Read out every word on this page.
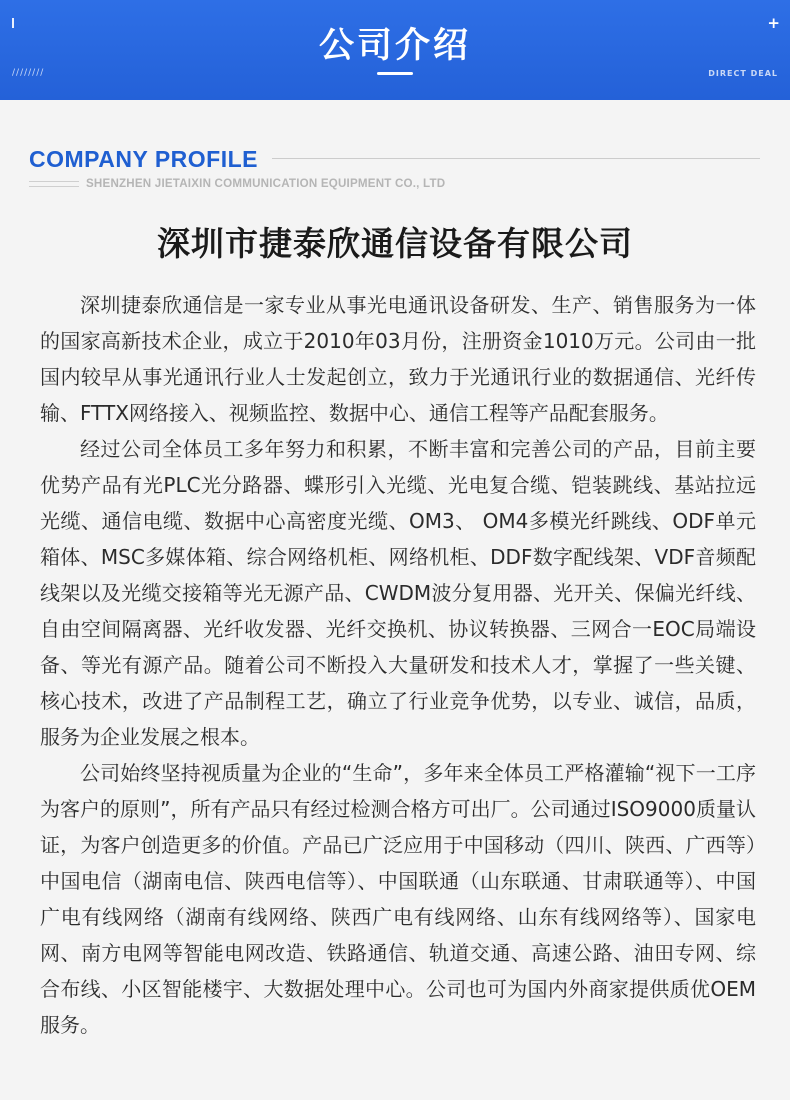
////////
公司介绍
+
DIRECT DEAL
COMPANY PROFILE
SHENZHEN JIETAIXIN COMMUNICATION EQUIPMENT CO., LTD
深圳市捷泰欣通信设备有限公司

深圳捷泰欣通信是一家专业从事光电通讯设备研发、生产、销售服务为一体的国家高新技术企业，成立于2010年03月份，注册资金1010万元。公司由一批国内较早从事光通讯行业人士发起创立，致力于光通讯行业的数据通信、光纤传输、FTTX网络接入、视频监控、数据中心、通信工程等产品配套服务。

经过公司全体员工多年努力和积累，不断丰富和完善公司的产品，目前主要优势产品有光PLC光分路器、蝶形引入光缆、光电复合缆、铠装跳线、基站拉远光缆、通信电缆、数据中心高密度光缆、OM3、 OM4多模光纤跳线、ODF单元箱体、MSC多媒体箱、综合网络机柜、网络机柜、DDF数字配线架、VDF音频配线架以及光缆交接箱等光无源产品、CWDM波分复用器、光开关、保偏光纤线、自由空间隔离器、光纤收发器、光纤交换机、协议转换器、三网合一EOC局端设备、等光有源产品。随着公司不断投入大量研发和技术人才，掌握了一些关键、核心技术，改进了产品制程工艺，确立了行业竞争优势，以专业、诚信，品质，服务为企业发展之根本。

公司始终坚持视质量为企业的“生命”，多年来全体员工严格灌输“视下一工序为客户的原则”，所有产品只有经过检测合格方可出厂。公司通过ISO9000质量认证，为客户创造更多的价值。产品已广泛应用于中国移动（四川、陕西、广西等）中国电信（湖南电信、陕西电信等）、中国联通（山东联通、甘肃联通等）、中国广电有线网络（湖南有线网络、陕西广电有线网络、山东有线网络等）、国家电网、南方电网等智能电网改造、铁路通信、轨道交通、高速公路、油田专网、综合布线、小区智能楼宇、大数据处理中心。公司也可为国内外商家提供质优OEM服务。
